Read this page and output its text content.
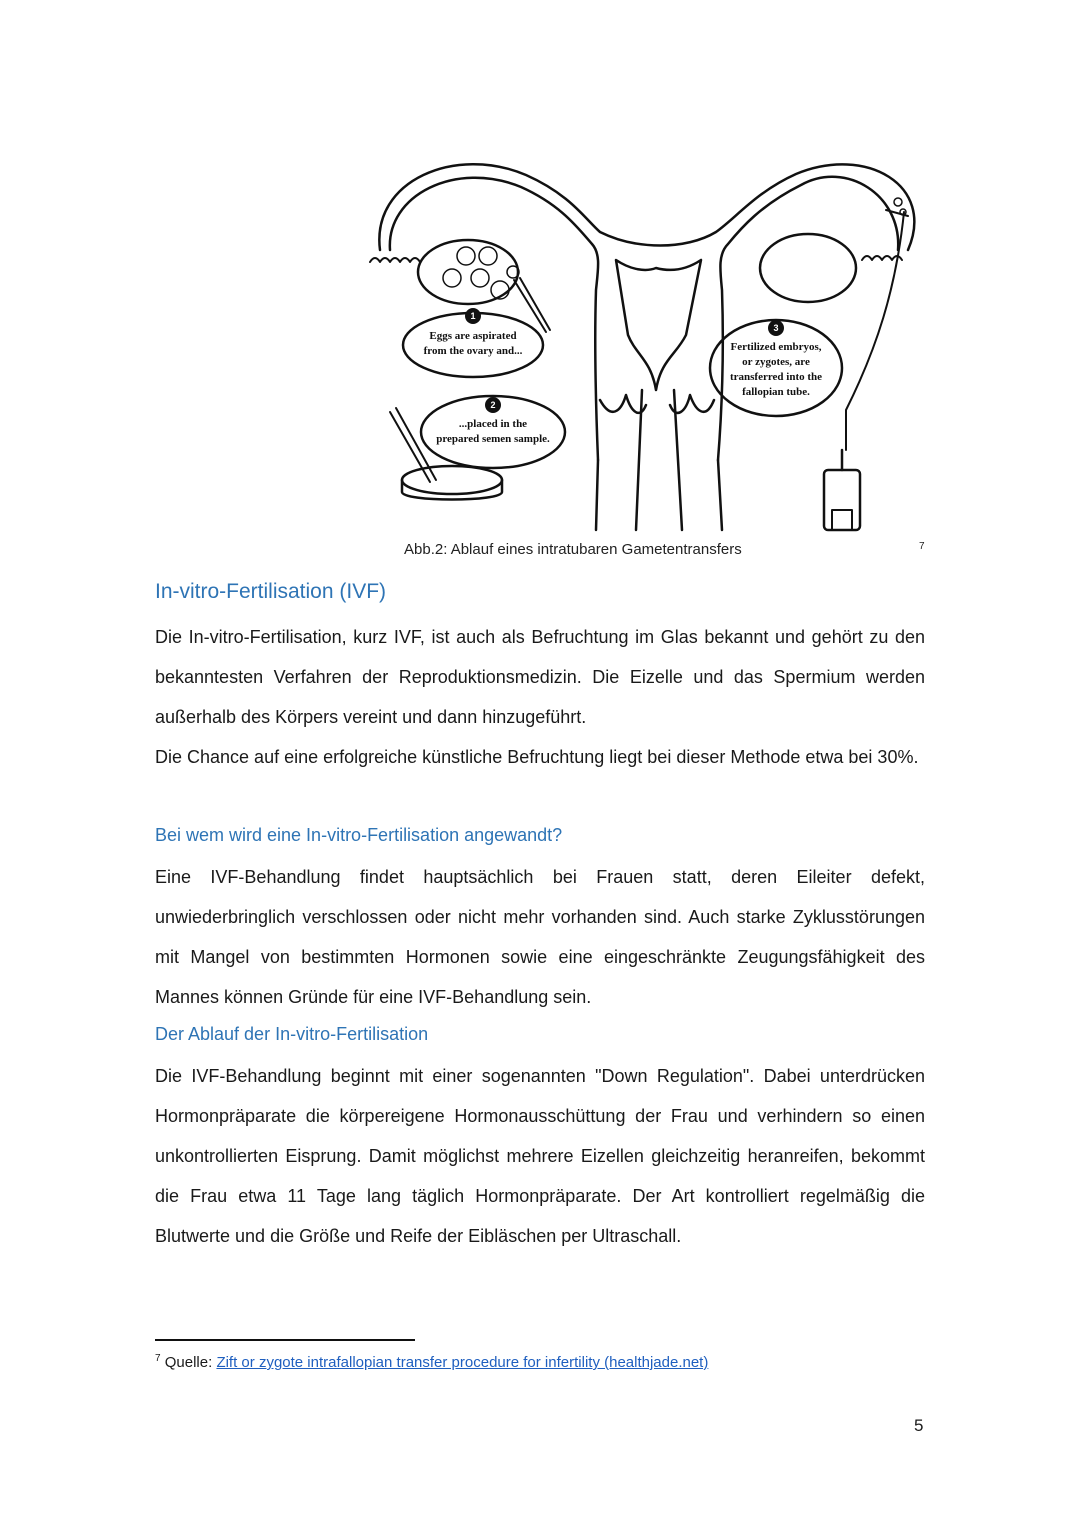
1
2
3
Eggs are aspirated
from the ovary and...
...placed in the
prepared semen sample.
Fertilized embryos,
or zygotes, are
transferred into the
fallopian tube.
Abb.2: Ablauf eines intratubaren Gametentransfers	7
In-vitro-Fertilisation (IVF)

Die In-vitro-Fertilisation, kurz IVF, ist auch als Befruchtung im Glas bekannt und gehört zu den bekanntesten Verfahren der Reproduktionsmedizin. Die Eizelle und das Spermium werden außerhalb des Körpers vereint und dann hinzugeführt.

Die Chance auf eine erfolgreiche künstliche Befruchtung liegt bei dieser Methode etwa bei 30%.

Bei wem wird eine In-vitro-Fertilisation angewandt?

Eine IVF-Behandlung findet hauptsächlich bei Frauen statt, deren Eileiter defekt, unwiederbringlich verschlossen oder nicht mehr vorhanden sind. Auch starke Zyklusstörungen mit Mangel von bestimmten Hormonen sowie eine eingeschränkte Zeugungsfähigkeit des Mannes können Gründe für eine IVF-Behandlung sein.

Der Ablauf der In-vitro-Fertilisation

Die IVF-Behandlung beginnt mit einer sogenannten "Down Regulation". Dabei unterdrücken Hormonpräparate die körpereigene Hormonausschüttung der Frau und verhindern so einen unkontrollierten Eisprung. Damit möglichst mehrere Eizellen gleichzeitig heranreifen, bekommt die Frau etwa 11 Tage lang täglich Hormonpräparate. Der Art kontrolliert regelmäßig die Blutwerte und die Größe und Reife der Eibläschen per Ultraschall.

$^7$ Quelle: Zift or zygote intrafallopian transfer procedure for infertility (healthjade.net)
5
